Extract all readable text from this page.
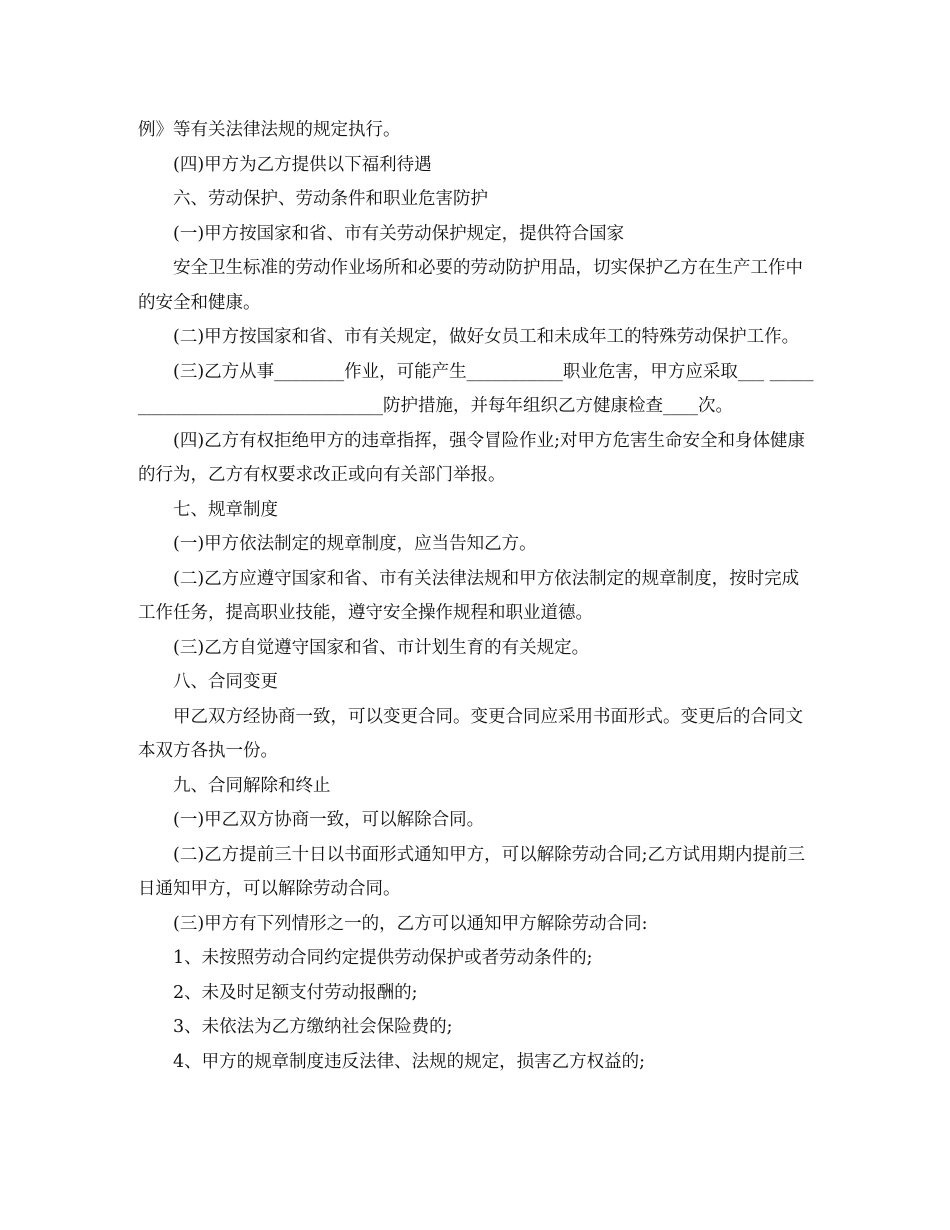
例》等有关法律法规的规定执行。

(四)甲方为乙方提供以下福利待遇

六、劳动保护、劳动条件和职业危害防护

(一)甲方按国家和省、市有关劳动保护规定，提供符合国家

安全卫生标准的劳动作业场所和必要的劳动防护用品，切实保护乙方在生产工作中的安全和健康。

(二)甲方按国家和省、市有关规定，做好女员工和未成年工的特殊劳动保护工作。

(三)乙方从事________作业，可能产生___________职业危害，甲方应采取___ _________________________________防护措施，并每年组织乙方健康检查____次。

(四)乙方有权拒绝甲方的违章指挥，强令冒险作业;对甲方危害生命安全和身体健康的行为，乙方有权要求改正或向有关部门举报。

七、规章制度

(一)甲方依法制定的规章制度，应当告知乙方。

(二)乙方应遵守国家和省、市有关法律法规和甲方依法制定的规章制度，按时完成工作任务，提高职业技能，遵守安全操作规程和职业道德。

(三)乙方自觉遵守国家和省、市计划生育的有关规定。

八、合同变更

甲乙双方经协商一致，可以变更合同。变更合同应采用书面形式。变更后的合同文本双方各执一份。

九、合同解除和终止

(一)甲乙双方协商一致，可以解除合同。

(二)乙方提前三十日以书面形式通知甲方，可以解除劳动合同;乙方试用期内提前三日通知甲方，可以解除劳动合同。

(三)甲方有下列情形之一的，乙方可以通知甲方解除劳动合同:

1、未按照劳动合同约定提供劳动保护或者劳动条件的;

2、未及时足额支付劳动报酬的;

3、未依法为乙方缴纳社会保险费的;

4、甲方的规章制度违反法律、法规的规定，损害乙方权益的;
